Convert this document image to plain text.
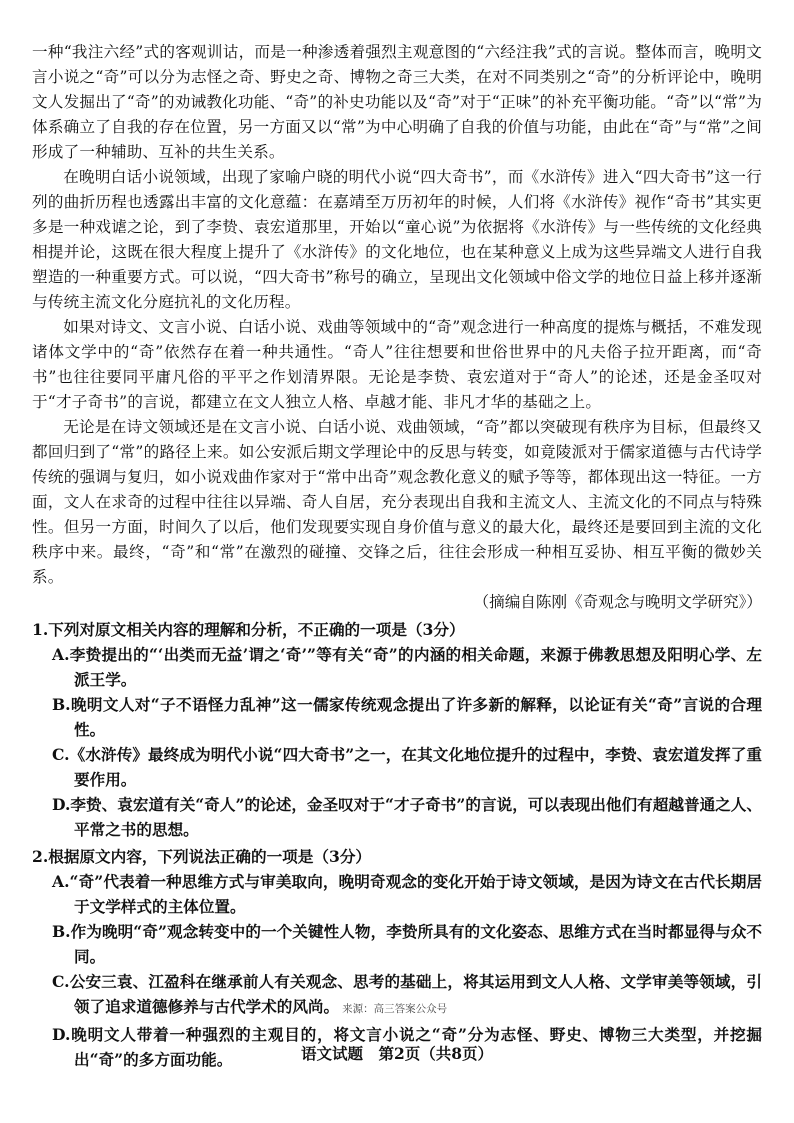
一种“我注六经”式的客观训诂，而是一种渗透着强烈主观意图的“六经注我”式的言说。整体而言，晚明文言小说之“奇”可以分为志怪之奇、野史之奇、博物之奇三大类，在对不同类别之“奇”的分析评论中，晚明文人发掘出了“奇”的劝诫教化功能、“奇”的补史功能以及“奇”对于“正味”的补充平衡功能。“奇”以“常”为体系确立了自我的存在位置，另一方面又以“常”为中心明确了自我的价值与功能，由此在“奇”与“常”之间形成了一种辅助、互补的共生关系。

在晚明白话小说领域，出现了家喻户晓的明代小说“四大奇书”，而《水浒传》进入“四大奇书”这一行列的曲折历程也透露出丰富的文化意蕴：在嘉靖至万历初年的时候，人们将《水浒传》视作“奇书”其实更多是一种戏谑之论，到了李贽、袁宏道那里，开始以“童心说”为依据将《水浒传》与一些传统的文化经典相提并论，这既在很大程度上提升了《水浒传》的文化地位，也在某种意义上成为这些异端文人进行自我塑造的一种重要方式。可以说，“四大奇书”称号的确立，呈现出文化领域中俗文学的地位日益上移并逐渐与传统主流文化分庭抗礼的文化历程。

如果对诗文、文言小说、白话小说、戏曲等领域中的“奇”观念进行一种高度的提炼与概括，不难发现诸体文学中的“奇”依然存在着一种共通性。“奇人”往往想要和世俗世界中的凡夫俗子拉开距离，而“奇书”也往往要同平庸凡俗的平平之作划清界限。无论是李贽、袁宏道对于“奇人”的论述，还是金圣叹对于“才子奇书”的言说，都建立在文人独立人格、卓越才能、非凡才华的基础之上。

无论是在诗文领域还是在文言小说、白话小说、戏曲领域，“奇”都以突破现有秩序为目标，但最终又都回归到了“常”的路径上来。如公安派后期文学理论中的反思与转变，如竟陵派对于儒家道德与古代诗学传统的强调与复归，如小说戏曲作家对于“常中出奇”观念教化意义的赋予等等，都体现出这一特征。一方面，文人在求奇的过程中往往以异端、奇人自居，充分表现出自我和主流文人、主流文化的不同点与特殊性。但另一方面，时间久了以后，他们发现要实现自身价值与意义的最大化，最终还是要回到主流的文化秩序中来。最终，“奇”和“常”在激烈的碰撞、交锋之后，往往会形成一种相互妥协、相互平衡的微妙关系。

（摘编自陈刚《奇观念与晚明文学研究》）

1.下列对原文相关内容的理解和分析，不正确的一项是（3分）

A.李贽提出的“‘出类而无益’谓之‘奇’”等有关“奇”的内涵的相关命题，来源于佛教思想及阳明心学、左派王学。

B.晚明文人对“子不语怪力乱神”这一儒家传统观念提出了许多新的解释，以论证有关“奇”言说的合理性。

C.《水浒传》最终成为明代小说“四大奇书”之一，在其文化地位提升的过程中，李贽、袁宏道发挥了重要作用。

D.李贽、袁宏道有关“奇人”的论述，金圣叹对于“才子奇书”的言说，可以表现出他们有超越普通之人、平常之书的思想。

2.根据原文内容，下列说法正确的一项是（3分）

A.“奇”代表着一种思维方式与审美取向，晚明奇观念的变化开始于诗文领域，是因为诗文在古代长期居于文学样式的主体位置。

B.作为晚明“奇”观念转变中的一个关键性人物，李贽所具有的文化姿态、思维方式在当时都显得与众不同。

C.公安三袁、江盈科在继承前人有关观念、思考的基础上，将其运用到文人人格、文学审美等领域，引领了追求道德修养与古代学术的风尚。 来源：高三答案公众号

D.晚明文人带着一种强烈的主观目的，将文言小说之“奇”分为志怪、野史、博物三大类型，并挖掘出“奇”的多方面功能。	语文试题　第2页（共8页）
